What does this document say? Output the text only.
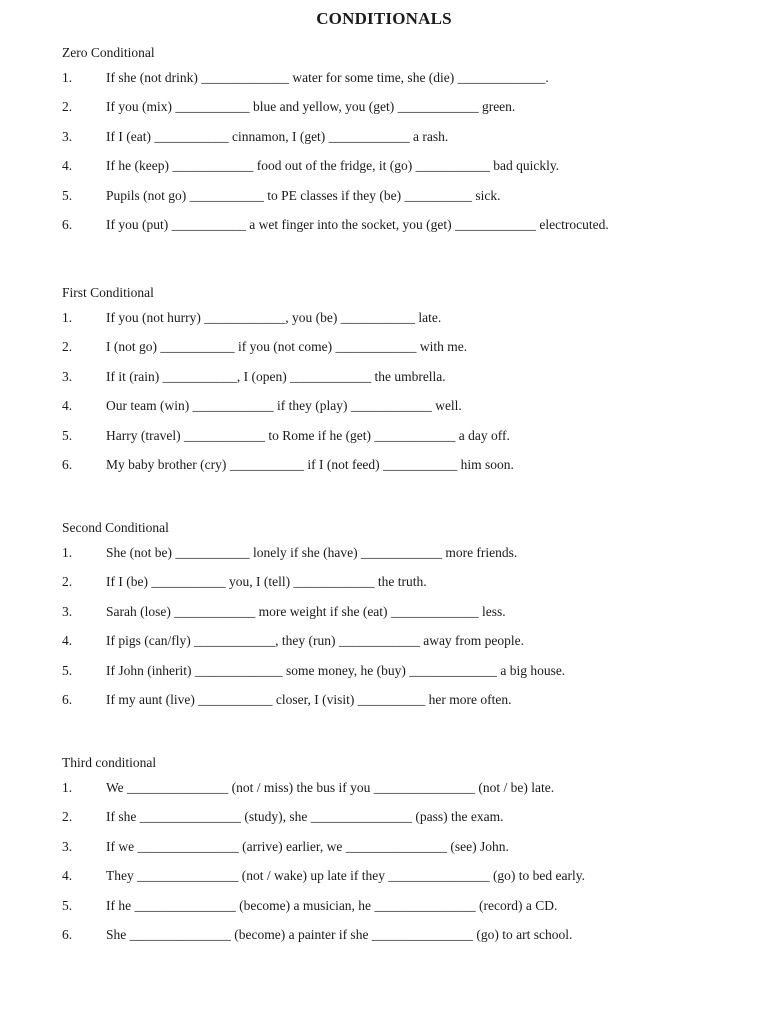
CONDITIONALS
Zero Conditional
1.	If she (not drink) _____________ water for some time, she (die) _____________.
2.	If you (mix) ___________ blue and yellow, you (get) ____________ green.
3.	If I (eat) ___________ cinnamon, I (get) ____________ a rash.
4.	If he (keep) ____________ food out of the fridge, it (go) ___________ bad quickly.
5.	Pupils (not go) ___________ to PE classes if they (be) __________ sick.
6.	If you (put) ___________ a wet finger into the socket, you (get) ____________ electrocuted.
First Conditional
1.	If you (not hurry) ____________, you (be) ___________ late.
2.	I (not go) ___________ if you (not come) ____________ with me.
3.	If it (rain) ___________, I (open) ____________ the umbrella.
4.	Our team (win) ____________ if they (play) ____________ well.
5.	Harry (travel) ____________ to Rome if he (get) ____________ a day off.
6.	My baby brother (cry) ___________ if I (not feed) ___________ him soon.
Second Conditional
1.	She (not be) ___________ lonely if she (have) ____________ more friends.
2.	If I (be) ___________ you, I (tell) ____________ the truth.
3.	Sarah (lose) ____________ more weight if she (eat) _____________ less.
4.	If pigs (can/fly) ____________, they (run) ____________ away from people.
5.	If John (inherit) _____________ some money, he (buy) _____________ a big house.
6.	If my aunt (live) ___________ closer, I (visit) __________ her more often.
Third conditional
1.	We _______________ (not / miss) the bus if you _______________ (not / be) late.
2.	If she _______________ (study), she _______________ (pass) the exam.
3.	If we _______________ (arrive) earlier, we _______________ (see) John.
4.	They _______________ (not / wake) up late if they _______________ (go) to bed early.
5.	If he _______________ (become) a musician, he _______________ (record) a CD.
6.	She _______________ (become) a painter if she _______________ (go) to art school.
